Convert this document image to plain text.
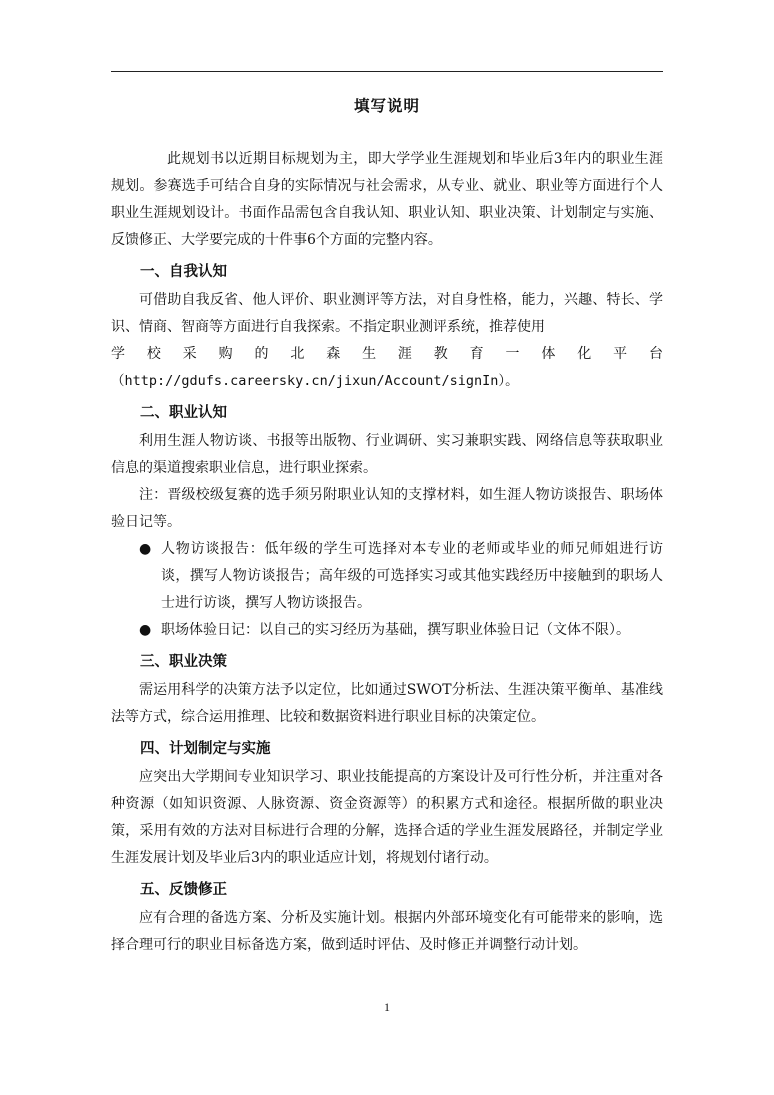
填写说明

此规划书以近期目标规划为主，即大学学业生涯规划和毕业后3年内的职业生涯规划。参赛选手可结合自身的实际情况与社会需求，从专业、就业、职业等方面进行个人职业生涯规划设计。书面作品需包含自我认知、职业认知、职业决策、计划制定与实施、反馈修正、大学要完成的十件事6个方面的完整内容。

一、自我认知

可借助自我反省、他人评价、职业测评等方法，对自身性格，能力，兴趣、特长、学识、情商、智商等方面进行自我探索。不指定职业测评系统，推荐使用

学校采购的北森生涯教育一体化平台

（http://gdufs.careersky.cn/jixun/Account/signIn）。

二、职业认知

利用生涯人物访谈、书报等出版物、行业调研、实习兼职实践、网络信息等获取职业信息的渠道搜索职业信息，进行职业探索。

注：晋级校级复赛的选手须另附职业认知的支撑材料，如生涯人物访谈报告、职场体验日记等。

● 人物访谈报告：低年级的学生可选择对本专业的老师或毕业的师兄师姐进行访谈，撰写人物访谈报告；高年级的可选择实习或其他实践经历中接触到的职场人士进行访谈，撰写人物访谈报告。
● 职场体验日记：以自己的实习经历为基础，撰写职业体验日记（文体不限）。
三、职业决策

需运用科学的决策方法予以定位，比如通过SWOT分析法、生涯决策平衡单、基准线法等方式，综合运用推理、比较和数据资料进行职业目标的决策定位。

四、计划制定与实施

应突出大学期间专业知识学习、职业技能提高的方案设计及可行性分析，并注重对各种资源（如知识资源、人脉资源、资金资源等）的积累方式和途径。根据所做的职业决策，采用有效的方法对目标进行合理的分解，选择合适的学业生涯发展路径，并制定学业生涯发展计划及毕业后3内的职业适应计划，将规划付诸行动。

五、反馈修正

应有合理的备选方案、分析及实施计划。根据内外部环境变化有可能带来的影响，选择合理可行的职业目标备选方案，做到适时评估、及时修正并调整行动计划。

1
